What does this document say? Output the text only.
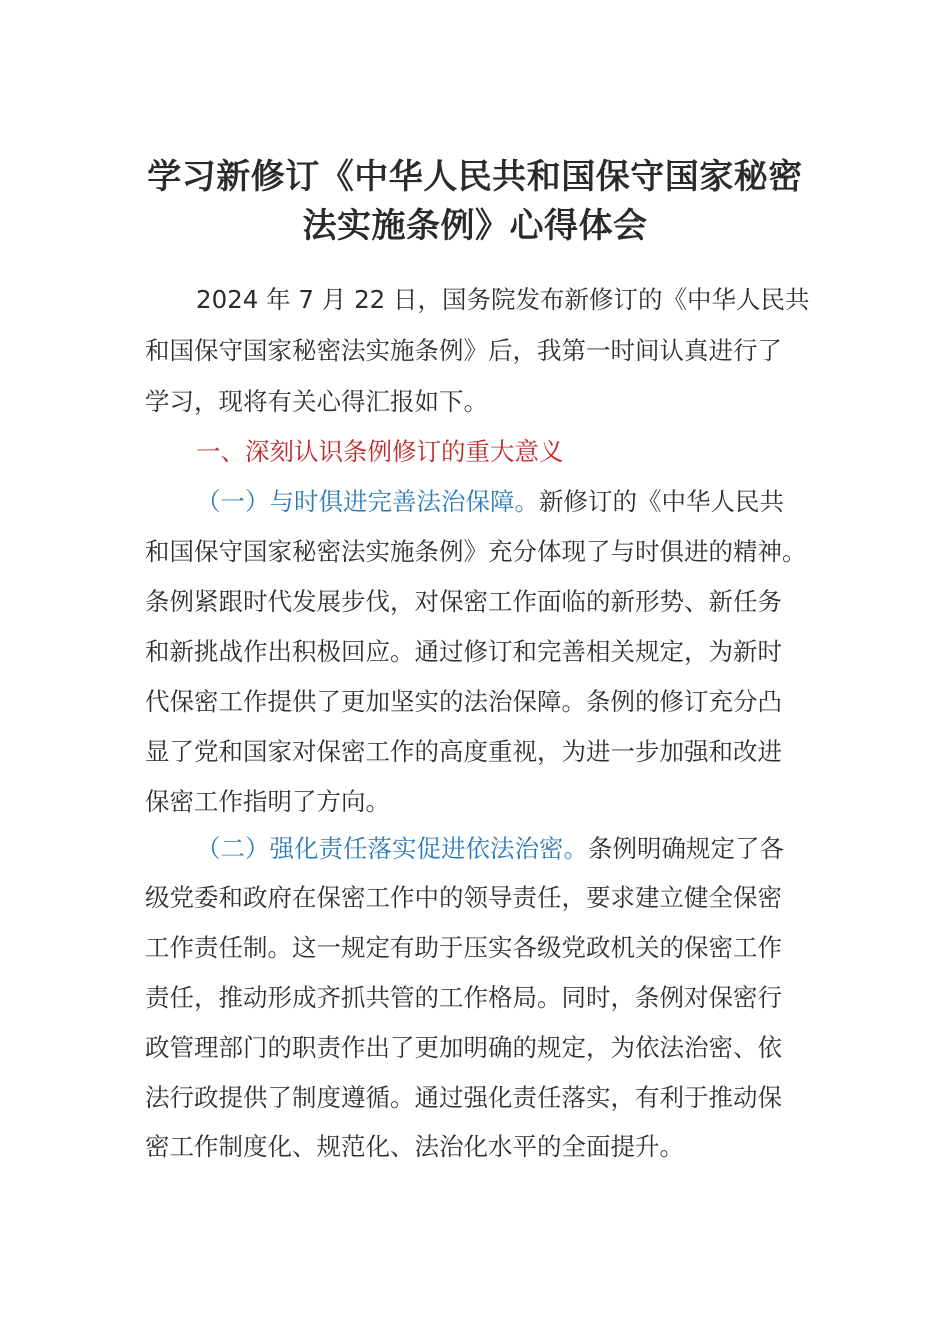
学习新修订《中华人民共和国保守国家秘密
法实施条例》心得体会
2024 年 7 月 22 日，国务院发布新修订的《中华人民共
和国保守国家秘密法实施条例》后，我第一时间认真进行了
学习，现将有关心得汇报如下。
一、深刻认识条例修订的重大意义
（一）与时俱进完善法治保障。新修订的《中华人民共
和国保守国家秘密法实施条例》充分体现了与时俱进的精神。
条例紧跟时代发展步伐，对保密工作面临的新形势、新任务
和新挑战作出积极回应。通过修订和完善相关规定，为新时
代保密工作提供了更加坚实的法治保障。条例的修订充分凸
显了党和国家对保密工作的高度重视，为进一步加强和改进
保密工作指明了方向。
（二）强化责任落实促进依法治密。条例明确规定了各
级党委和政府在保密工作中的领导责任，要求建立健全保密
工作责任制。这一规定有助于压实各级党政机关的保密工作
责任，推动形成齐抓共管的工作格局。同时，条例对保密行
政管理部门的职责作出了更加明确的规定，为依法治密、依
法行政提供了制度遵循。通过强化责任落实，有利于推动保
密工作制度化、规范化、法治化水平的全面提升。
